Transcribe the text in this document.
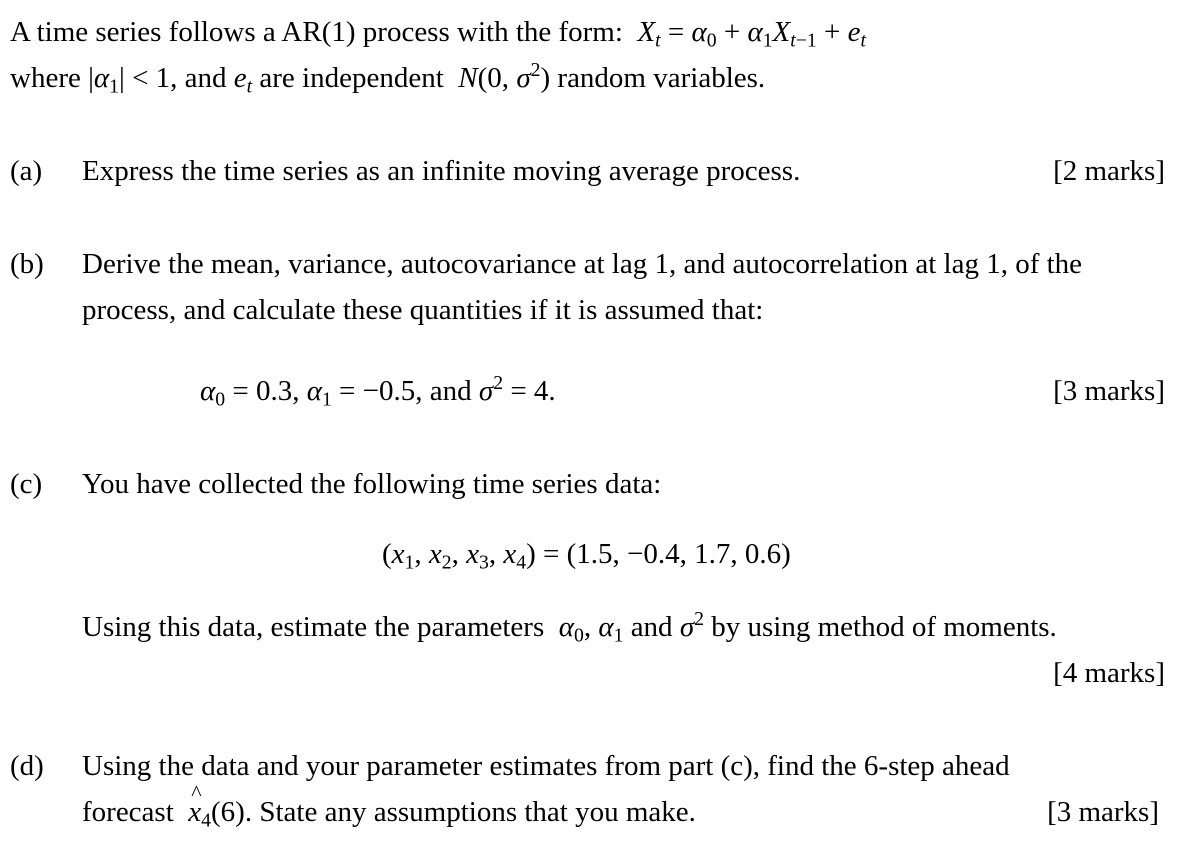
A time series follows a AR(1) process with the form:  $X_t = \alpha_0 + \alpha_1X_{t-1} + e_t$
where $|\alpha_1| < 1$, and $e_t$ are independent  N(0, $\sigma^2$) random variables.
(a) Express the time series as an infinite moving average process.	[2 marks]
(b) Derive the mean, variance, autocovariance at lag 1, and autocorrelation at lag 1, of the
process, and calculate these quantities if it is assumed that:
$\alpha_0 = 0.3$, $\alpha_1 = -0.5$, and $\sigma^2 = 4$.	[3 marks]
(c) You have collected the following time series data:
($x_1$, $x_2$, $x_3$, $x_4) = (1.5$, −0.4, 1.7, 0.6)
Using this data, estimate the parameters $\alpha_0$, $\alpha_1$ and $\sigma^2$ by using method of moments.
[4 marks]
(d) Using the data and your parameter estimates from part (c), find the 6-step ahead
forecast  ^ $x_4(6)$. State any assumptions that you make.	[3 marks]
